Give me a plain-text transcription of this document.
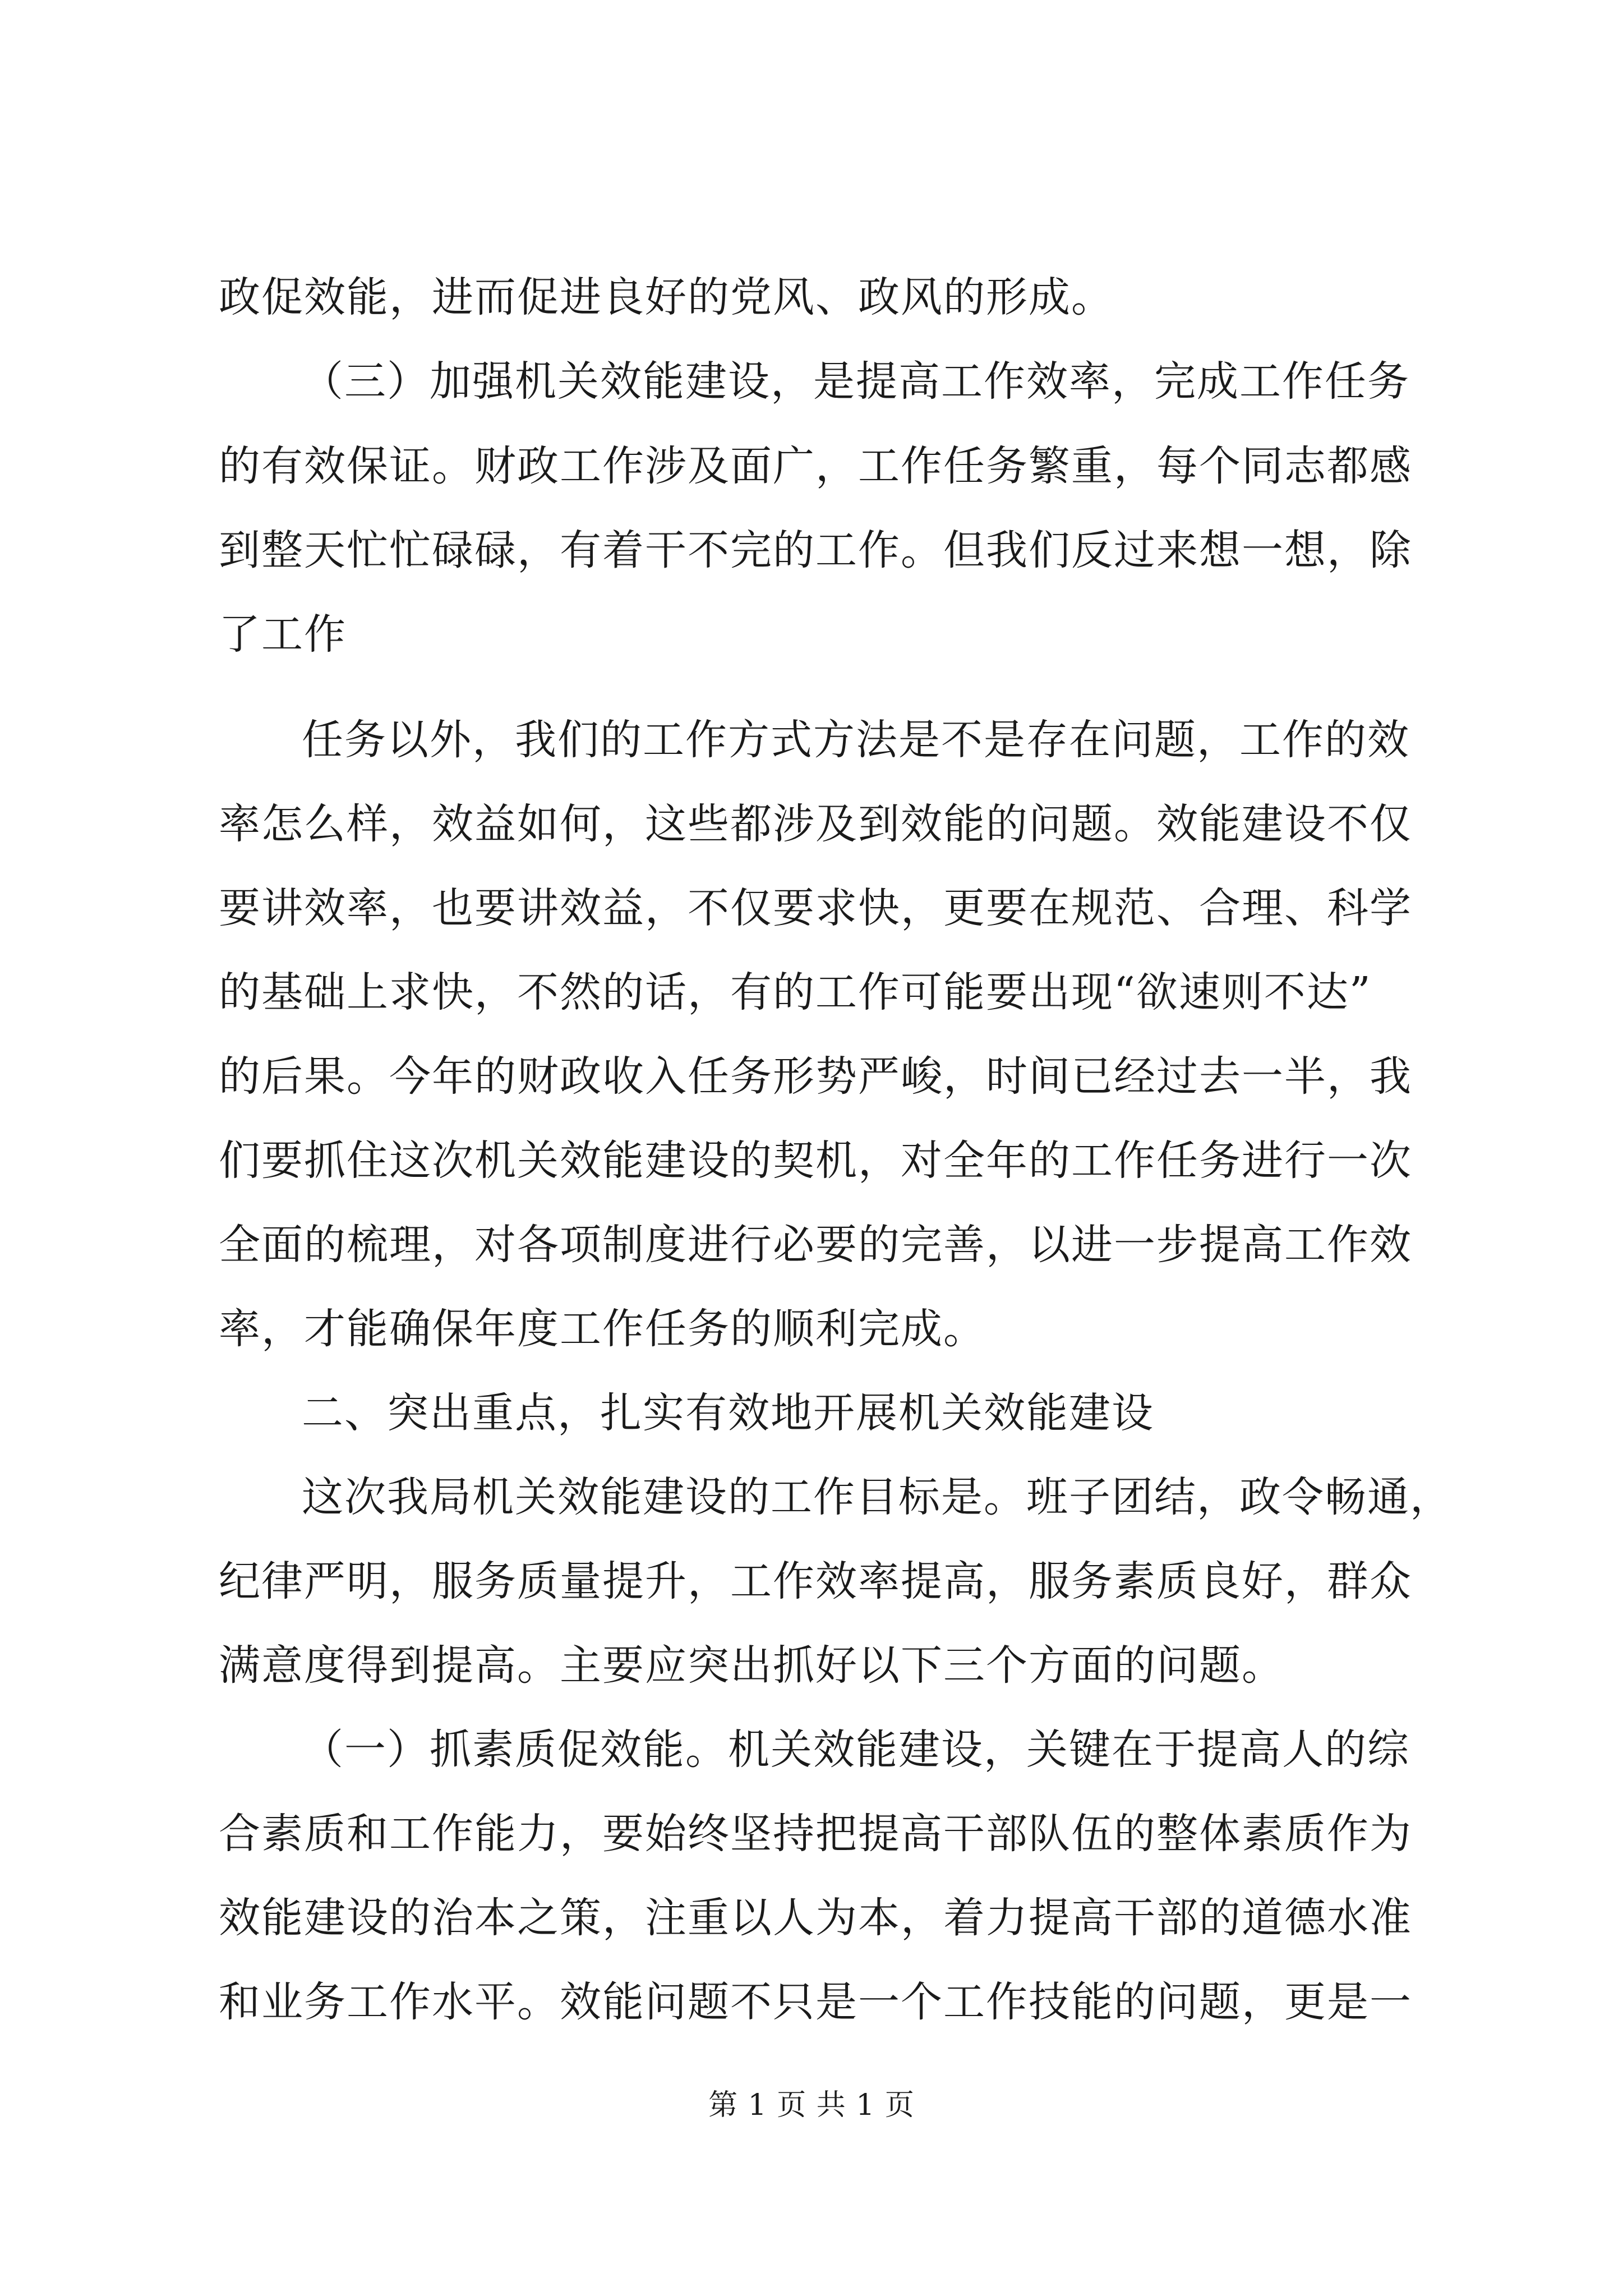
政促效能，进而促进良好的党风、政风的形成。
（三）加强机关效能建设，是提高工作效率，完成工作任务
的有效保证。财政工作涉及面广，工作任务繁重，每个同志都感
到整天忙忙碌碌，有着干不完的工作。但我们反过来想一想，除
了工作
任务以外，我们的工作方式方法是不是存在问题，工作的效
率怎么样，效益如何，这些都涉及到效能的问题。效能建设不仅
要讲效率，也要讲效益，不仅要求快，更要在规范、合理、科学
的基础上求快，不然的话，有的工作可能要出现“欲速则不达”
的后果。今年的财政收入任务形势严峻，时间已经过去一半，我
们要抓住这次机关效能建设的契机，对全年的工作任务进行一次
全面的梳理，对各项制度进行必要的完善，以进一步提高工作效
率，才能确保年度工作任务的顺利完成。
二、突出重点，扎实有效地开展机关效能建设
这次我局机关效能建设的工作目标是。班子团结，政令畅通，
纪律严明，服务质量提升，工作效率提高，服务素质良好，群众
满意度得到提高。主要应突出抓好以下三个方面的问题。
（一）抓素质促效能。机关效能建设，关键在于提高人的综
合素质和工作能力，要始终坚持把提高干部队伍的整体素质作为
效能建设的治本之策，注重以人为本，着力提高干部的道德水准
和业务工作水平。效能问题不只是一个工作技能的问题，更是一
第 1 页 共 1 页
